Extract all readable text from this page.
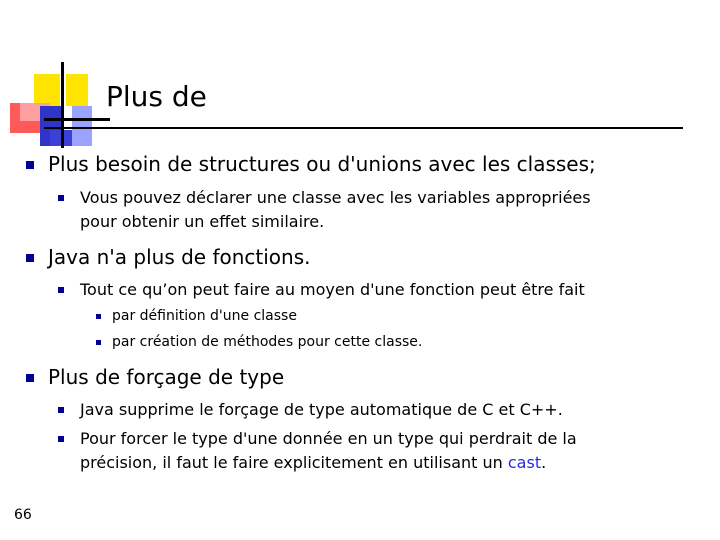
Plus de
Plus besoin de structures ou d'unions avec les classes;
Vous pouvez déclarer une classe avec les variables appropriées
pour obtenir un effet similaire.
Java n'a plus de fonctions.
Tout ce qu’on peut faire au moyen d'une fonction peut être fait
par définition d'une classe
par création de méthodes pour cette classe.
Plus de forçage de type
Java supprime le forçage de type automatique de C et C++.
Pour forcer le type d'une donnée en un type qui perdrait de la
précision, il faut le faire explicitement en utilisant un cast.
66
